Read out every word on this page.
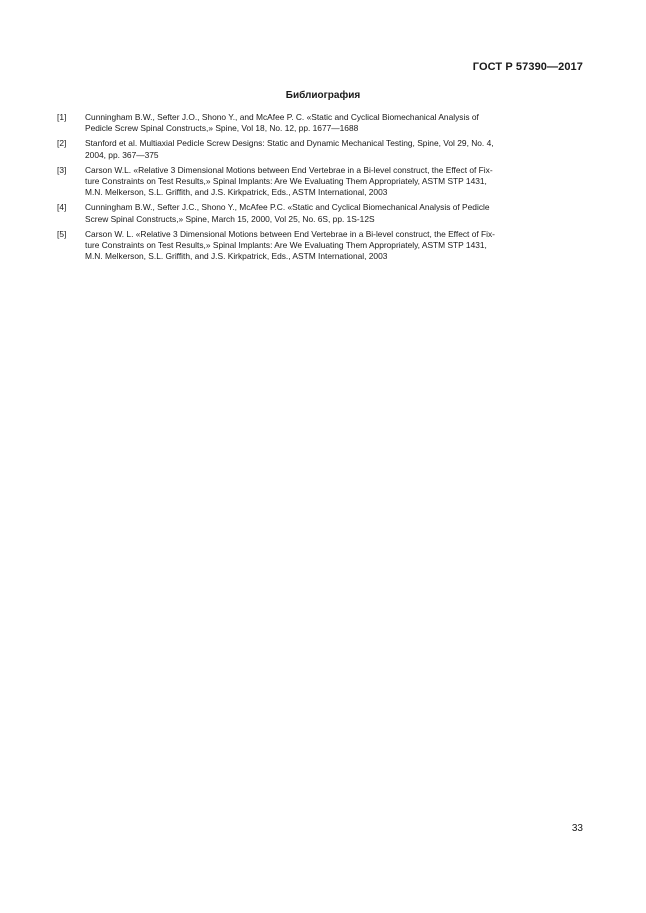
ГОСТ Р 57390—2017
Библиография
[1]	Cunningham B.W., Sefter J.O., Shono Y., and McAfee P. C. «Static and Cyclical Biomechanical Analysis of
Pedicle Screw Spinal Constructs,» Spine, Vol 18, No. 12, pp. 1677—1688
[2]	Stanford et al. Multiaxial Pedicle Screw Designs: Static and Dynamic Mechanical Testing, Spine, Vol 29, No. 4,
2004, pp. 367—375
[3]	Carson W.L. «Relative 3 Dimensional Motions between End Vertebrae in a Bi-level construct, the Effect of Fix-
ture Constraints on Test Results,» Spinal Implants: Are We Evaluating Them Appropriately, ASTM STP 1431,
M.N. Melkerson, S.L. Griffith, and J.S. Kirkpatrick, Eds., ASTM International, 2003
[4]	Cunningham B.W., Sefter J.C., Shono Y., McAfee P.C. «Static and Cyclical Biomechanical Analysis of Pedicle
Screw Spinal Constructs,» Spine, March 15, 2000, Vol 25, No. 6S, pp. 1S-12S
[5]	Carson W. L. «Relative 3 Dimensional Motions between End Vertebrae in a Bi-level construct, the Effect of Fix-
ture Constraints on Test Results,» Spinal Implants: Are We Evaluating Them Appropriately, ASTM STP 1431,
M.N. Melkerson, S.L. Griffith, and J.S. Kirkpatrick, Eds., ASTM International, 2003
33
